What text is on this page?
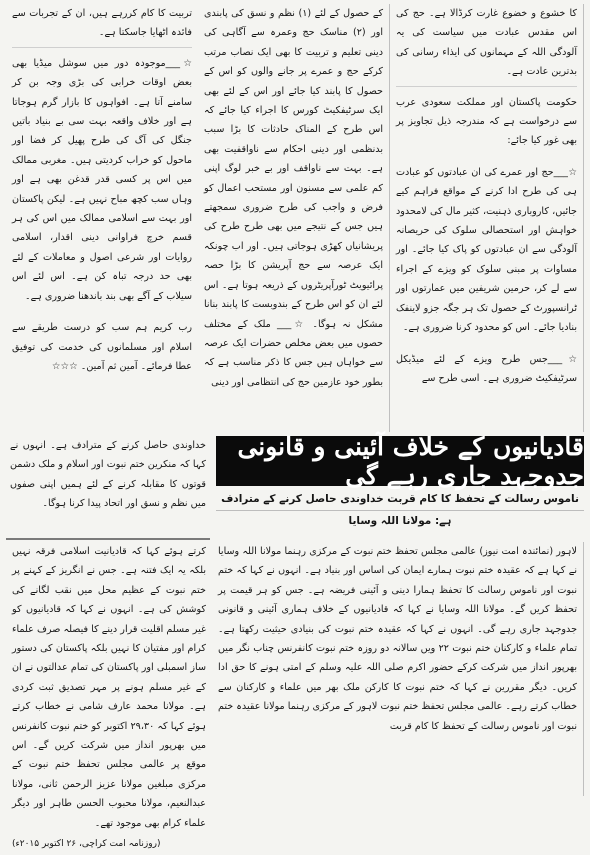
تربیت کا کام کررہے ہیں، ان کے تجربات سے فائدہ اٹھایا جاسکتا ہے۔

☆___موجودہ دور میں سوشل میڈیا بھی بعض اوقات خرابی کی بڑی وجہ بن کر سامنے آتا ہے۔ افواہوں کا بازار گرم ہوجاتا ہے اور خلاف واقعہ بہت سی بے بنیاد باتیں جنگل کی آگ کی طرح پھیل کر فضا اور ماحول کو خراب کردیتی ہیں۔ مغربی ممالک میں اس پر کسی قدر قدغن بھی ہے اور وہاں سب کچھ مباح نہیں ہے۔ لیکن پاکستان اور بہت سے اسلامی ممالک میں اس کی ہر قسم خرچ فراوانی دینی اقدار، اسلامی روایات اور شرعی اصول و معاملات کے لئے بھی حد درجہ تباہ کن ہے۔ اس لئے اس سیلاب کے آگے بھی بند باندھنا ضروری ہے۔

رب کریم ہم سب کو درست طریقے سے اسلام اور مسلمانوں کی خدمت کی توفیق عطا فرمائے۔ آمین ثم آمین۔ ☆☆☆

کے حصول کے لئے (۱) نظم و نسق کی پابندی اور (۲) مناسک حج وعمرہ سے آگاہی کی دینی تعلیم و تربیت کا بھی ایک نصاب مرتب کرکے حج و عمرے پر جانے والوں کو اس کے حصول کا پابند کیا جائے اور اس کے لئے بھی ایک سرٹیفکیٹ کورس کا اجراء کیا جائے کہ اس طرح کے المناک حادثات کا بڑا سبب بدنظمی اور دینی احکام سے ناواقفیت بھی ہے۔ بہت سے ناواقف اور بے خبر لوگ اپنی کم علمی سے مسنون اور مستحب اعمال کو فرض و واجب کی طرح ضروری سمجھتے ہیں جس کے نتیجے میں بھی طرح طرح کی پریشانیاں کھڑی ہوجاتی ہیں۔ اور اب چونکہ ایک عرصہ سے حج آپریشن کا بڑا حصہ پرائیویٹ ٹورآپریٹروں کے ذریعہ ہوتا ہے۔ اس لئے ان کو اس طرح کے بندوبست کا پابند بنانا مشکل نہ ہوگا۔ ☆___ ملک کے مختلف حصوں میں بعض مخلص حضرات ایک عرصہ سے خواہاں ہیں جس کا ذکر مناسب ہے کہ بطور خود عازمین حج کی انتظامی اور دینی

کا خشوع و خضوع غارت کرڈالا ہے۔ حج کی اس مقدس عبادت میں سیاست کی یہ آلودگی اللہ کے مہمانوں کی ایذاء رسانی کی بدترین عادت ہے۔

حکومت پاکستان اور مملکت سعودی عرب سے درخواست ہے کہ مندرجہ ذیل تجاویز پر بھی غور کیا جائے:

☆___حج اور عمرے کی ان عبادتوں کو عبادت ہی کی طرح ادا کرنے کے مواقع فراہم کیے جائیں، کاروباری ذہنیت، کثیر مال کی لامحدود خواہش اور استحصالی سلوک کی حریصانہ آلودگی سے ان عبادتوں کو پاک کیا جائے۔ اور مساوات پر مبنی سلوک کو ویزے کے اجراء سے لے کر، حرمین شریفین میں عمارتوں اور ٹرانسپورٹ کے حصول تک ہر جگہ جزو لاینفک بنادیا جائے۔ اس کو محدود کرنا ضروری ہے۔

☆___جس طرح ویزے کے لئے میڈیکل سرٹیفکیٹ ضروری ہے۔ اسی طرح سے

خداوندی حاصل کرنے کے مترادف ہے۔ انہوں نے کہا کہ منکرین ختم نبوت اور اسلام و ملک دشمن قوتوں کا مقابلہ کرنے کے لئے ہمیں اپنی صفوں میں نظم و نسق اور اتحاد پیدا کرنا ہوگا۔
قادیانیوں کے خلاف آئینی و قانونی جدوجہد جاری رہے گی
ناموس رسالت کے تحفظ کا کام قربت خداوندی حاصل کرنے کے مترادف ہے: مولانا اللہ وسایا

کرتے ہوئے کہا کہ قادیانیت اسلامی فرقہ نہیں بلکہ یہ ایک فتنہ ہے۔ جس نے انگریز کے کہنے پر ختم نبوت کے عظیم محل میں نقب لگانے کی کوشش کی ہے۔ انہوں نے کہا کہ قادیانیوں کو غیر مسلم اقلیت قرار دینے کا فیصلہ صرف علماء کرام اور مفتیان کا نہیں بلکہ پاکستان کی دستور ساز اسمبلی اور پاکستان کی تمام عدالتوں نے ان کے غیر مسلم ہونے پر مہر تصدیق ثبت کردی ہے۔ مولانا محمد عارف شامی نے خطاب کرتے ہوئے کہا کہ ۲۹،۳۰ اکتوبر کو ختم نبوت کانفرنس میں بھرپور انداز میں شرکت کریں گے۔ اس موقع پر عالمی مجلس تحفظ ختم نبوت کے مرکزی مبلغین مولانا عزیز الرحمن ثانی، مولانا عبدالنعیم، مولانا محبوب الحسن طاہر اور دیگر علماء کرام بھی موجود تھے۔

(روزنامہ امت کراچی، ۲۶ اکتوبر ۲۰۱۵ء)

لاہور (نمائندہ امت نیوز) عالمی مجلس تحفظ ختم نبوت کے مرکزی رہنما مولانا اللہ وسایا نے کہا ہے کہ عقیدہ ختم نبوت ہمارے ایمان کی اساس اور بنیاد ہے۔ انہوں نے کہا کہ ختم نبوت اور ناموس رسالت کا تحفظ ہمارا دینی و آئینی فریضہ ہے۔ جس کو ہر قیمت پر تحفظ کریں گے۔ مولانا اللہ وسایا نے کہا کہ قادیانیوں کے خلاف ہماری آئینی و قانونی جدوجہد جاری رہے گی۔ انہوں نے کہا کہ عقیدہ ختم نبوت کی بنیادی حیثیت رکھتا ہے۔ تمام علماء و کارکنان ختم نبوت ۲۲ ویں سالانہ دو روزہ ختم نبوت کانفرنس چناب نگر میں بھرپور انداز میں شرکت کرکے حضور اکرم صلی اللہ علیہ وسلم کے امتی ہونے کا حق ادا کریں۔ دیگر مقررین نے کہا کہ ختم نبوت کا کارکن ملک بھر میں علماء و کارکنان سے خطاب کرتے رہے۔ عالمی مجلس تحفظ ختم نبوت لاہور کے مرکزی رہنما مولانا عقیدہ ختم نبوت اور ناموس رسالت کے تحفظ کا کام قربت
